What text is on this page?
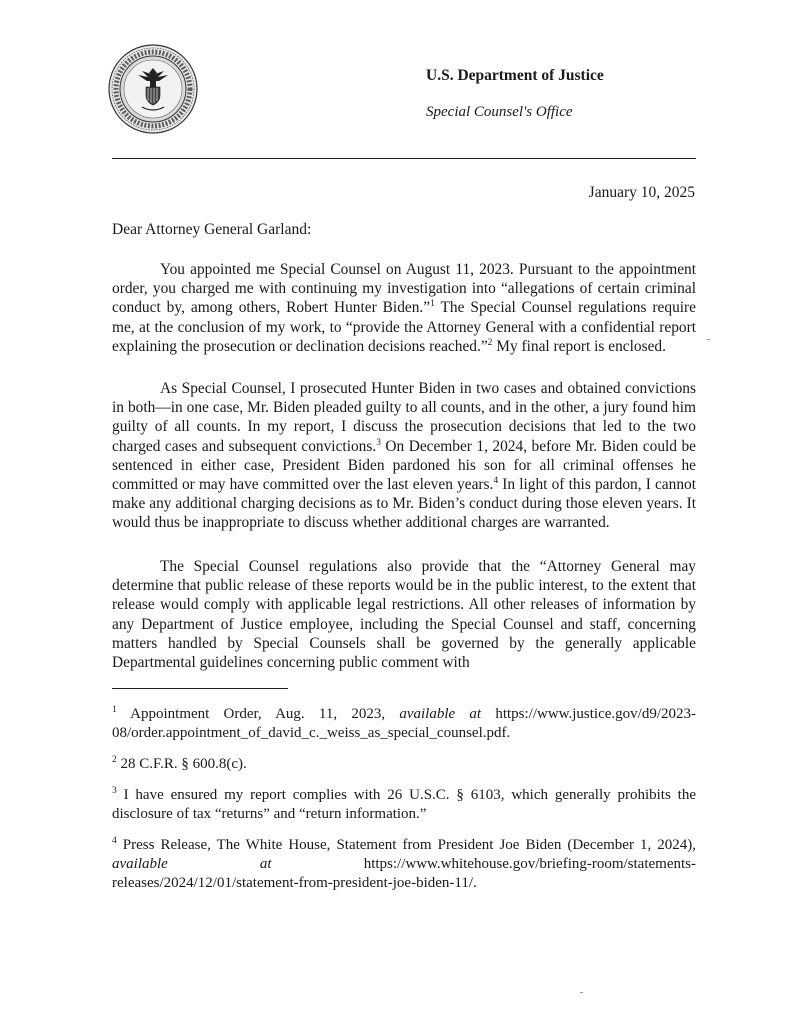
U.S. Department of Justice
Special Counsel's Office
January 10, 2025
Dear Attorney General Garland:

You appointed me Special Counsel on August 11, 2023. Pursuant to the appointment order, you charged me with continuing my investigation into “allegations of certain criminal conduct by, among others, Robert Hunter Biden.”$^1$ The Special Counsel regulations require me, at the conclusion of my work, to “provide the Attorney General with a confidential report explaining the prosecution or declination decisions reached.”$^2$ My final report is enclosed.

As Special Counsel, I prosecuted Hunter Biden in two cases and obtained convictions in both—in one case, Mr. Biden pleaded guilty to all counts, and in the other, a jury found him guilty of all counts. In my report, I discuss the prosecution decisions that led to the two charged cases and subsequent convictions.$^3$ On December 1, 2024, before Mr. Biden could be sentenced in either case, President Biden pardoned his son for all criminal offenses he committed or may have committed over the last eleven years.$^4$ In light of this pardon, I cannot make any additional charging decisions as to Mr. Biden’s conduct during those eleven years. It would thus be inappropriate to discuss whether additional charges are warranted.

The Special Counsel regulations also provide that the “Attorney General may determine that public release of these reports would be in the public interest, to the extent that release would comply with applicable legal restrictions. All other releases of information by any Department of Justice employee, including the Special Counsel and staff, concerning matters handled by Special Counsels shall be governed by the generally applicable Departmental guidelines concerning public comment with

$^1$ Appointment Order, Aug. 11, 2023, available at https://www.justice.gov/d9/2023-08/order.appointment_of_david_c._weiss_as_special_counsel.pdf.
$^2$ 28 C.F.R. § 600.8(c).
$^3$ I have ensured my report complies with 26 U.S.C. § 6103, which generally prohibits the disclosure of tax “returns” and “return information.”
$^4$ Press Release, The White House, Statement from President Joe Biden (December 1, 2024), available at https://www.whitehouse.gov/briefing-room/statements-releases/2024/12/01/statement-from-president-joe-biden-11/.
